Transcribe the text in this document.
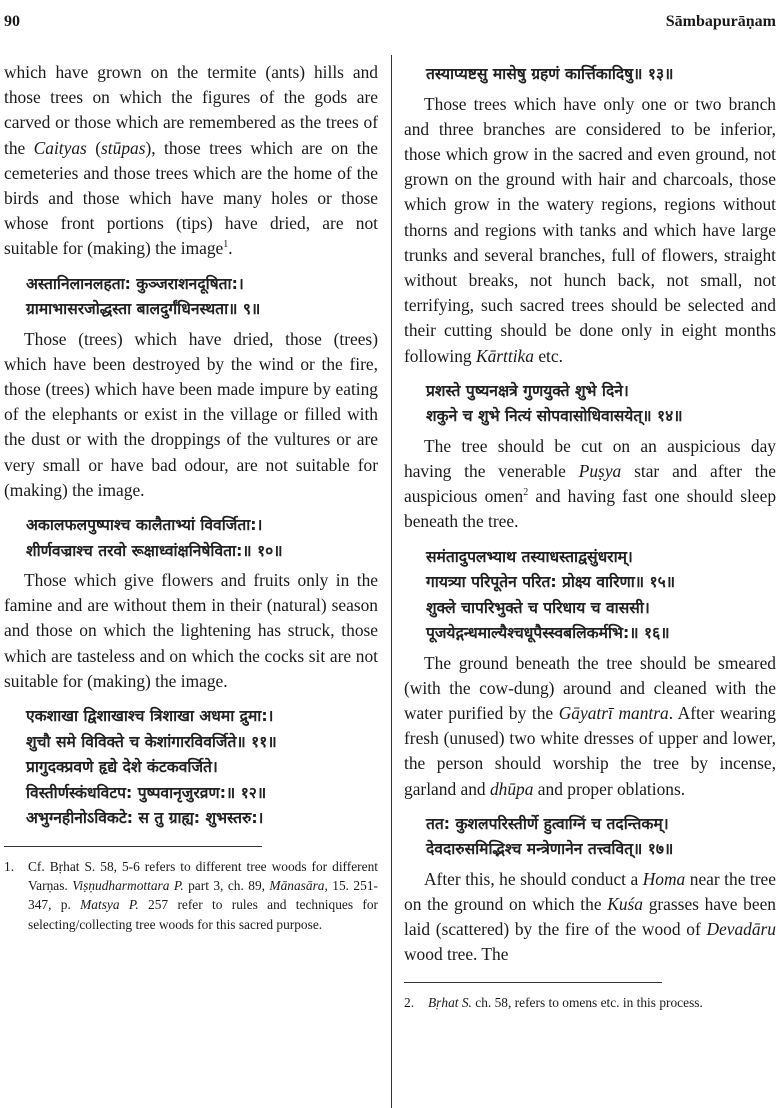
90	Sāmbapurāṇam

which have grown on the termite (ants) hills and those trees on which the figures of the gods are carved or those which are remembered as the trees of the Caityas (stūpas), those trees which are on the cemeteries and those trees which are the home of the birds and those which have many holes or those whose front portions (tips) have dried, are not suitable for (making) the image$^1$.

अस्तानिलानलहता: कुञ्जराशनदूषिता:।

ग्रामाभासरजोद्धस्ता बालदुर्गंधिनस्थता॥ ९॥

Those (trees) which have dried, those (trees) which have been destroyed by the wind or the fire, those (trees) which have been made impure by eating of the elephants or exist in the village or filled with the dust or with the droppings of the vultures or are very small or have bad odour, are not suitable for (making) the image.

अकालफलपुष्पाश्च कालैताभ्यां विवर्जिता:।

शीर्णवज्राश्च तरवो रूक्षाध्वांक्षनिषेविता:॥ १०॥

Those which give flowers and fruits only in the famine and are without them in their (natural) season and those on which the lightening has struck, those which are tasteless and on which the cocks sit are not suitable for (making) the image.

एकशाखा द्विशाखाश्च त्रिशाखा अधमा द्रुमा:।

शुचौ समे विविक्ते च केशांगारविवर्जिते॥ ११॥

प्रागुदक्प्रवणे हृद्ये देशे कंटकवर्जिते।

विस्तीर्णस्कंधविटप: पुष्पवानृजुरव्रण:॥ १२॥

अभुग्नहीनोऽविकटे: स तु ग्राह्य: शुभस्तरु:।

1.	Cf. Bṛhat S. 58, 5-6 refers to different tree woods for different Varṇas. Viṣṇudharmottara P. part 3, ch. 89, Mānasāra, 15. 251-347, p. Matsya P. 257 refer to rules and techniques for selecting/collecting tree woods for this sacred purpose.

तस्याप्यष्टसु मासेषु ग्रहणं कार्त्तिकादिषु॥ १३॥

Those trees which have only one or two branch and three branches are considered to be inferior, those which grow in the sacred and even ground, not grown on the ground with hair and charcoals, those which grow in the watery regions, regions without thorns and regions with tanks and which have large trunks and several branches, full of flowers, straight without breaks, not hunch back, not small, not terrifying, such sacred trees should be selected and their cutting should be done only in eight months following Kārttika etc.

प्रशस्ते पुष्यनक्षत्रे गुणयुक्ते शुभे दिने।

शकुने च शुभे नित्यं सोपवासोधिवासयेत्॥ १४॥

The tree should be cut on an auspicious day having the venerable Puṣya star and after the auspicious omen$^2$ and having fast one should sleep beneath the tree.

समंतादुपलभ्याथ तस्याधस्ताद्वसुंधराम्।

गायत्र्या परिपूतेन परित: प्रोक्ष्य वारिणा॥ १५॥

शुक्ले चापरिभुक्ते च परिधाय च वाससी।

पूजयेद्गन्धमाल्यैश्चधूपैस्स्वबलिकर्मभि:॥ १६॥

The ground beneath the tree should be smeared (with the cow-dung) around and cleaned with the water purified by the Gāyatrī mantra. After wearing fresh (unused) two white dresses of upper and lower, the person should worship the tree by incense, garland and dhūpa and proper oblations.

तत: कुशलपरिस्तीर्णे हुत्वाग्निं च तदन्तिकम्।

देवदारुसमिद्भिश्च मन्त्रेणानेन तत्त्ववित्॥ १७॥

After this, he should conduct a Homa near the tree on the ground on which the Kuśa grasses have been laid (scattered) by the fire of the wood of Devadāru wood tree. The

2.	Bṛhat S. ch. 58, refers to omens etc. in this process.
